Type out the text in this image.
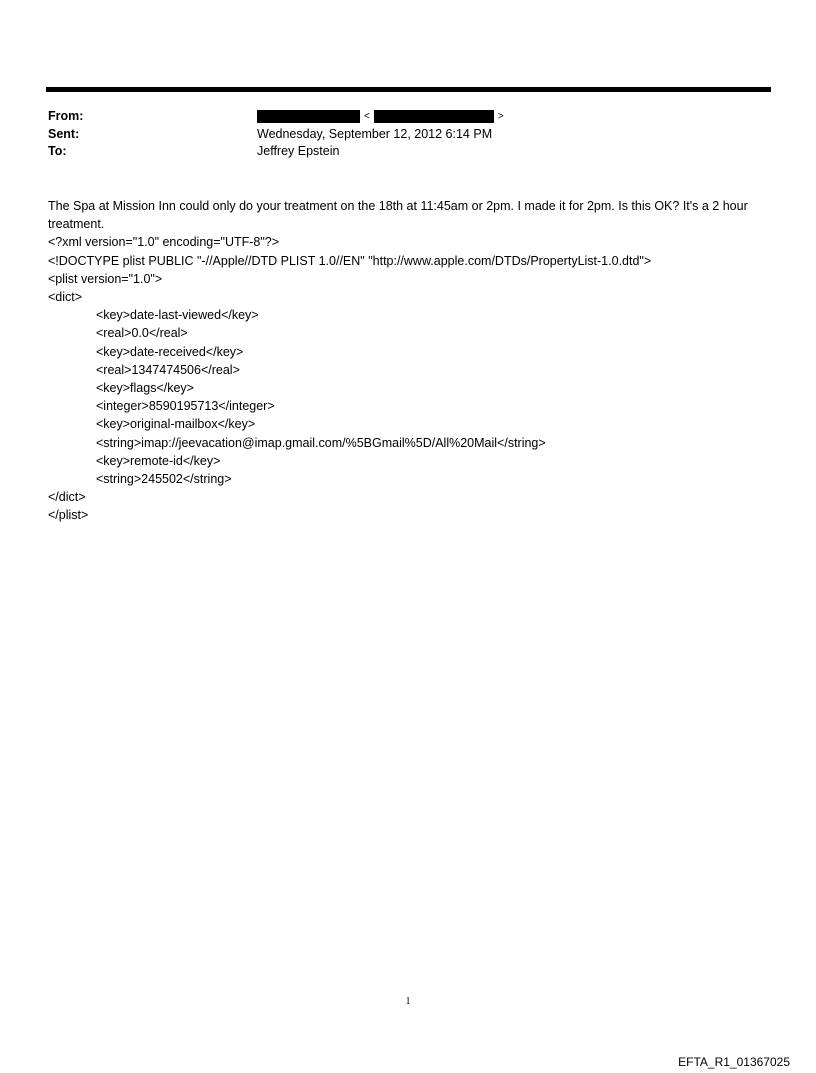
From:	<	>
Sent:	Wednesday, September 12, 2012 6:14 PM
To:	Jeffrey Epstein

The Spa at Mission Inn could only do your treatment on the 18th at 11:45am or 2pm. I made it for 2pm. Is this OK? It's a 2 hour treatment.

<?xml version="1.0" encoding="UTF-8"?>

<!DOCTYPE plist PUBLIC "-//Apple//DTD PLIST 1.0//EN" "http://www.apple.com/DTDs/PropertyList-1.0.dtd">

<plist version="1.0">

<dict>

<key>date-last-viewed</key>

<real>0.0</real>

<key>date-received</key>

<real>1347474506</real>

<key>flags</key>

<integer>8590195713</integer>

<key>original-mailbox</key>

<string>imap://jeevacation@imap.gmail.com/%5BGmail%5D/All%20Mail</string>

<key>remote-id</key>

<string>245502</string>

</dict>

</plist>

1
EFTA_R1_01367025
